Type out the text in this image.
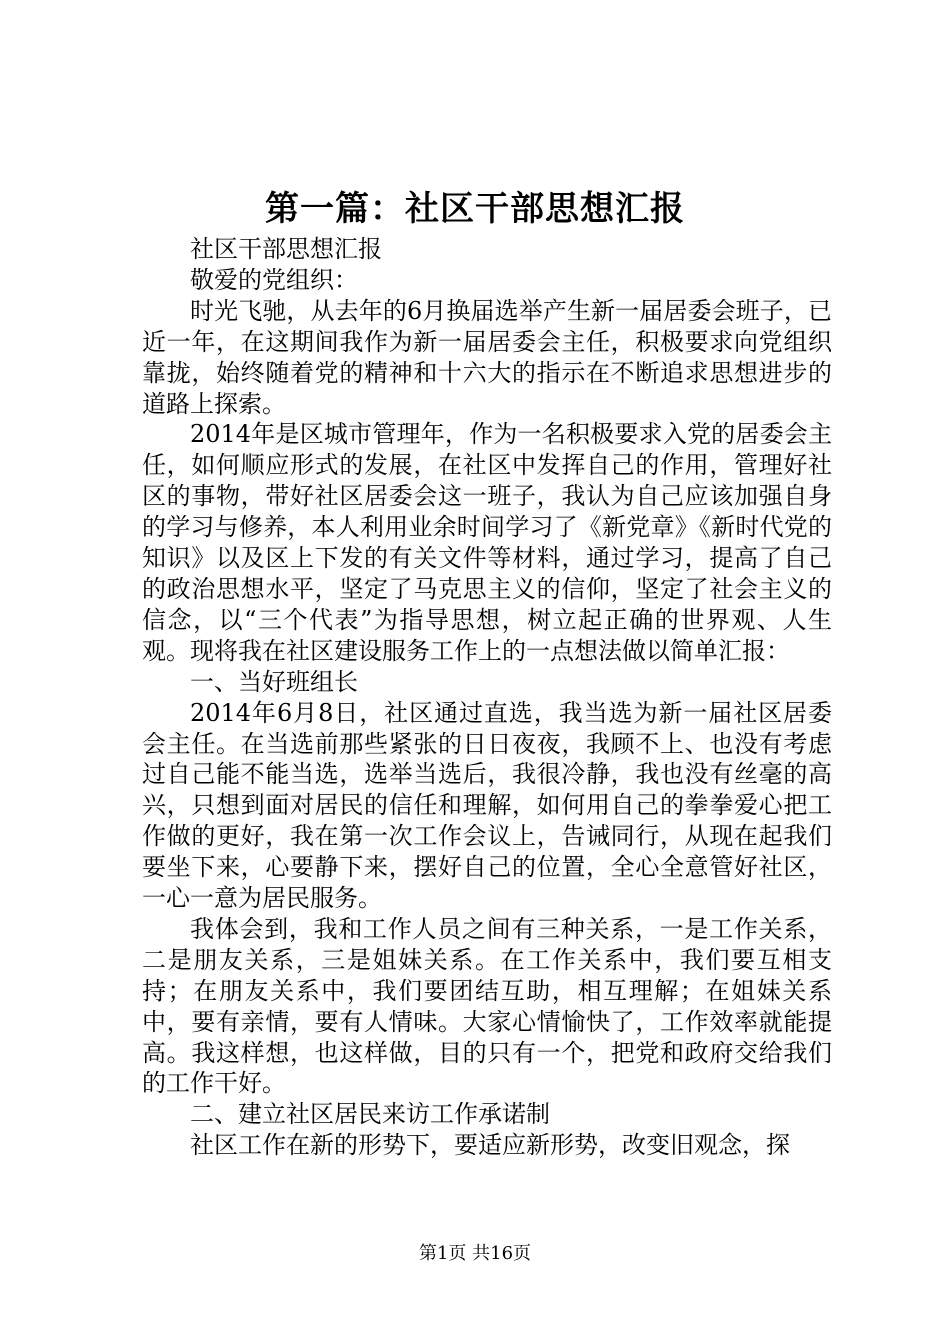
第一篇：社区干部思想汇报

社区干部思想汇报

敬爱的党组织：

时光飞驰，从去年的6月换届选举产生新一届居委会班子，已近一年，在这期间我作为新一届居委会主任，积极要求向党组织靠拢，始终随着党的精神和十六大的指示在不断追求思想进步的道路上探索。

2014年是区城市管理年，作为一名积极要求入党的居委会主任，如何顺应形式的发展，在社区中发挥自己的作用，管理好社区的事物，带好社区居委会这一班子，我认为自己应该加强自身的学习与修养，本人利用业余时间学习了《新党章》《新时代党的知识》以及区上下发的有关文件等材料，通过学习，提高了自己的政治思想水平，坚定了马克思主义的信仰，坚定了社会主义的信念，以“三个代表”为指导思想，树立起正确的世界观、人生观。现将我在社区建设服务工作上的一点想法做以简单汇报：

一、当好班组长

2014年6月8日，社区通过直选，我当选为新一届社区居委会主任。在当选前那些紧张的日日夜夜，我顾不上、也没有考虑过自己能不能当选，选举当选后，我很冷静，我也没有丝毫的高兴，只想到面对居民的信任和理解，如何用自己的拳拳爱心把工作做的更好，我在第一次工作会议上，告诫同行，从现在起我们要坐下来，心要静下来，摆好自己的位置，全心全意管好社区，一心一意为居民服务。

我体会到，我和工作人员之间有三种关系，一是工作关系，二是朋友关系，三是姐妹关系。在工作关系中，我们要互相支持；在朋友关系中，我们要团结互助，相互理解；在姐妹关系中，要有亲情，要有人情味。大家心情愉快了，工作效率就能提高。我这样想，也这样做，目的只有一个，把党和政府交给我们的工作干好。

二、建立社区居民来访工作承诺制

社区工作在新的形势下，要适应新形势，改变旧观念，探

第1页 共16页
